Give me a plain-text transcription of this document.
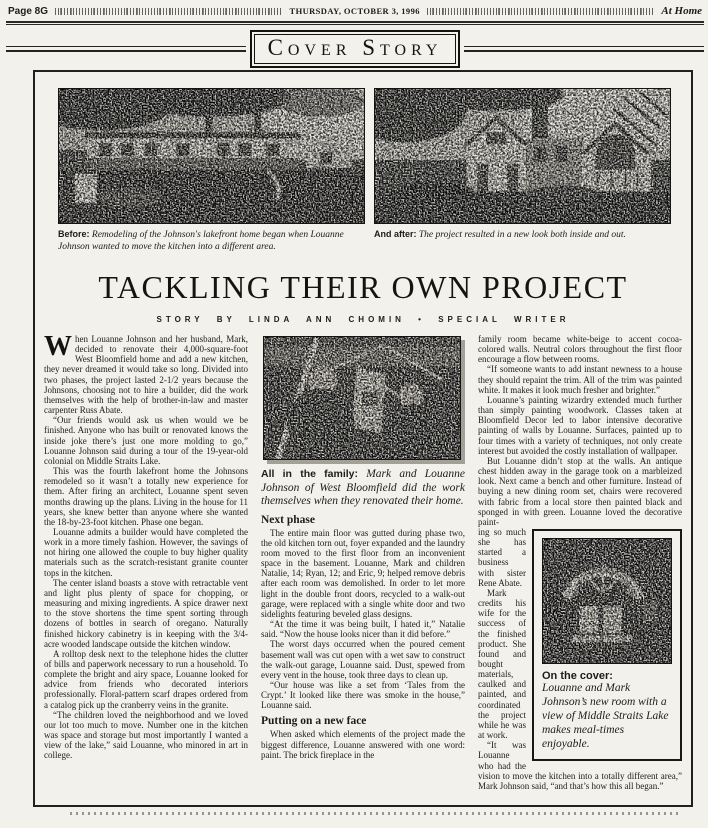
Page 8G	THURSDAY, OCTOBER 3, 1996	At Home
Cover Story
Before: Remodeling of the Johnson's lakefront home began when Louanne Johnson wanted to move the kitchen into a different area.
And after: The project resulted in a new look both inside and out.
TACKLING THEIR OWN PROJECT
STORY BY LINDA ANN CHOMIN • SPECIAL WRITER

When Louanne Johnson and her husband, Mark, decided to renovate their 4,000-square-foot West Bloomfield home and add a new kitchen, they never dreamed it would take so long. Divided into two phases, the project lasted 2-1/2 years because the Johnsons, choosing not to hire a builder, did the work themselves with the help of brother-in-law and master carpenter Russ Abate.

“Our friends would ask us when would we be finished. Anyone who has built or renovated knows the inside joke there’s just one more molding to go,” Louanne Johnson said during a tour of the 19-year-old colonial on Middle Straits Lake.

This was the fourth lakefront home the Johnsons remodeled so it wasn’t a totally new experience for them. After firing an architect, Louanne spent seven months drawing up the plans. Living in the house for 11 years, she knew better than anyone where she wanted the 18-by-23-foot kitchen. Phase one began.

Louanne admits a builder would have completed the work in a more timely fashion. However, the savings of not hiring one allowed the couple to buy higher quality materials such as the scratch-resistant granite counter tops in the kitchen.

The center island boasts a stove with retractable vent and light plus plenty of space for chopping, or measuring and mixing ingredients. A spice drawer next to the stove shortens the time spent sorting through dozens of bottles in search of oregano. Naturally finished hickory cabinetry is in keeping with the 3/4-acre wooded landscape outside the kitchen window.

A rolltop desk next to the telephone hides the clutter of bills and paperwork necessary to run a household. To complete the bright and airy space, Louanne looked for advice from friends who decorated interiors professionally. Floral-pattern scarf drapes ordered from a catalog pick up the cranberry veins in the granite.

“The children loved the neighborhood and we loved our lot too much to move. Number one in the kitchen was space and storage but most importantly I wanted a view of the lake,” said Louanne, who minored in art in college.

All in the family: Mark and Louanne Johnson of West Bloomfield did the work themselves when they renovated their home.
Next phase

The entire main floor was gutted during phase two, the old kitchen torn out, foyer expanded and the laundry room moved to the first floor from an inconvenient space in the basement. Louanne, Mark and children Natalie, 14; Ryan, 12; and Eric, 9; helped remove debris after each room was demolished. In order to let more light in the double front doors, recycled to a walk-out garage, were replaced with a single white door and two sidelights featuring beveled glass designs.

“At the time it was being built, I hated it,” Natalie said. “Now the house looks nicer than it did before.”

The worst days occurred when the poured cement basement wall was cut open with a wet saw to construct the walk-out garage, Louanne said. Dust, spewed from every vent in the house, took three days to clean up.

“Our house was like a set from ‘Tales from the Crypt.’ It looked like there was smoke in the house,” Louanne said.

Putting on a new face

When asked which elements of the project made the biggest difference, Louanne answered with one word: paint. The brick fireplace in the

family room became white-beige to accent cocoa-colored walls. Neutral colors throughout the first floor encourage a flow between rooms.

“If someone wants to add instant newness to a house they should repaint the trim. All of the trim was painted white. It makes it look much fresher and brighter.”

Louanne’s painting wizardry extended much further than simply painting woodwork. Classes taken at Bloomfield Decor led to labor intensive decorative painting of walls by Louanne. Surfaces, painted up to four times with a variety of techniques, not only create interest but avoided the costly installation of wallpaper.

But Louanne didn’t stop at the walls. An antique chest hidden away in the garage took on a marbleized look. Next came a bench and other furniture. Instead of buying a new dining room set, chairs were recovered with fabric from a local store then painted black and sponged in with green. Louanne loved the decorative paint-

On the cover:
Louanne and Mark Johnson’s new room with a view of Middle Straits Lake makes meal-times enjoyable.

ing so much she has started a business with sister Rene Abate.

Mark credits his wife for the success of the finished product. She found and bought materials, caulked and painted, and coordinated the project while he was at work.

“It was Louanne who had the vision to move the kitchen into a totally different area,” Mark Johnson said, “and that’s how this all began.”
